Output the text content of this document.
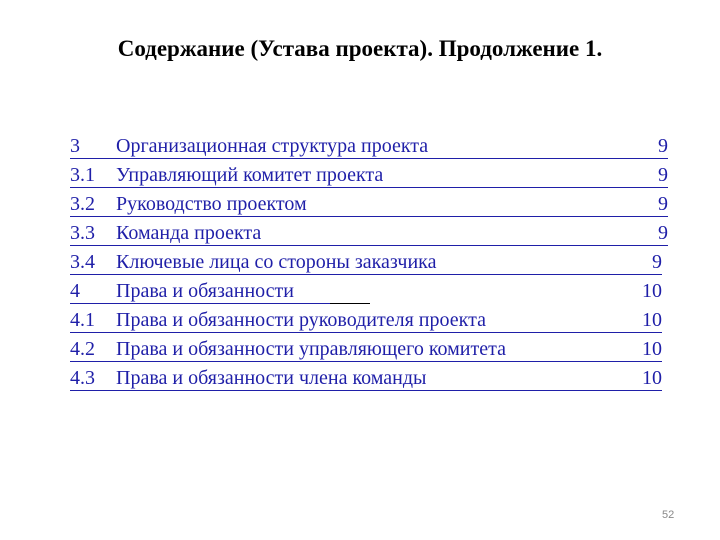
Содержание (Устава проекта). Продолжение 1.
3 Организационная структура проекта	9
3.1 Управляющий комитет проекта	9
3.2 Руководство проектом	9
3.3 Команда проекта	9
3.4 Ключевые лица со стороны заказчика	9
4 Права и обязанности	10
4.1 Права и обязанности руководителя проекта	10
4.2 Права и обязанности управляющего комитета	10
4.3 Права и обязанности члена команды	10
52
